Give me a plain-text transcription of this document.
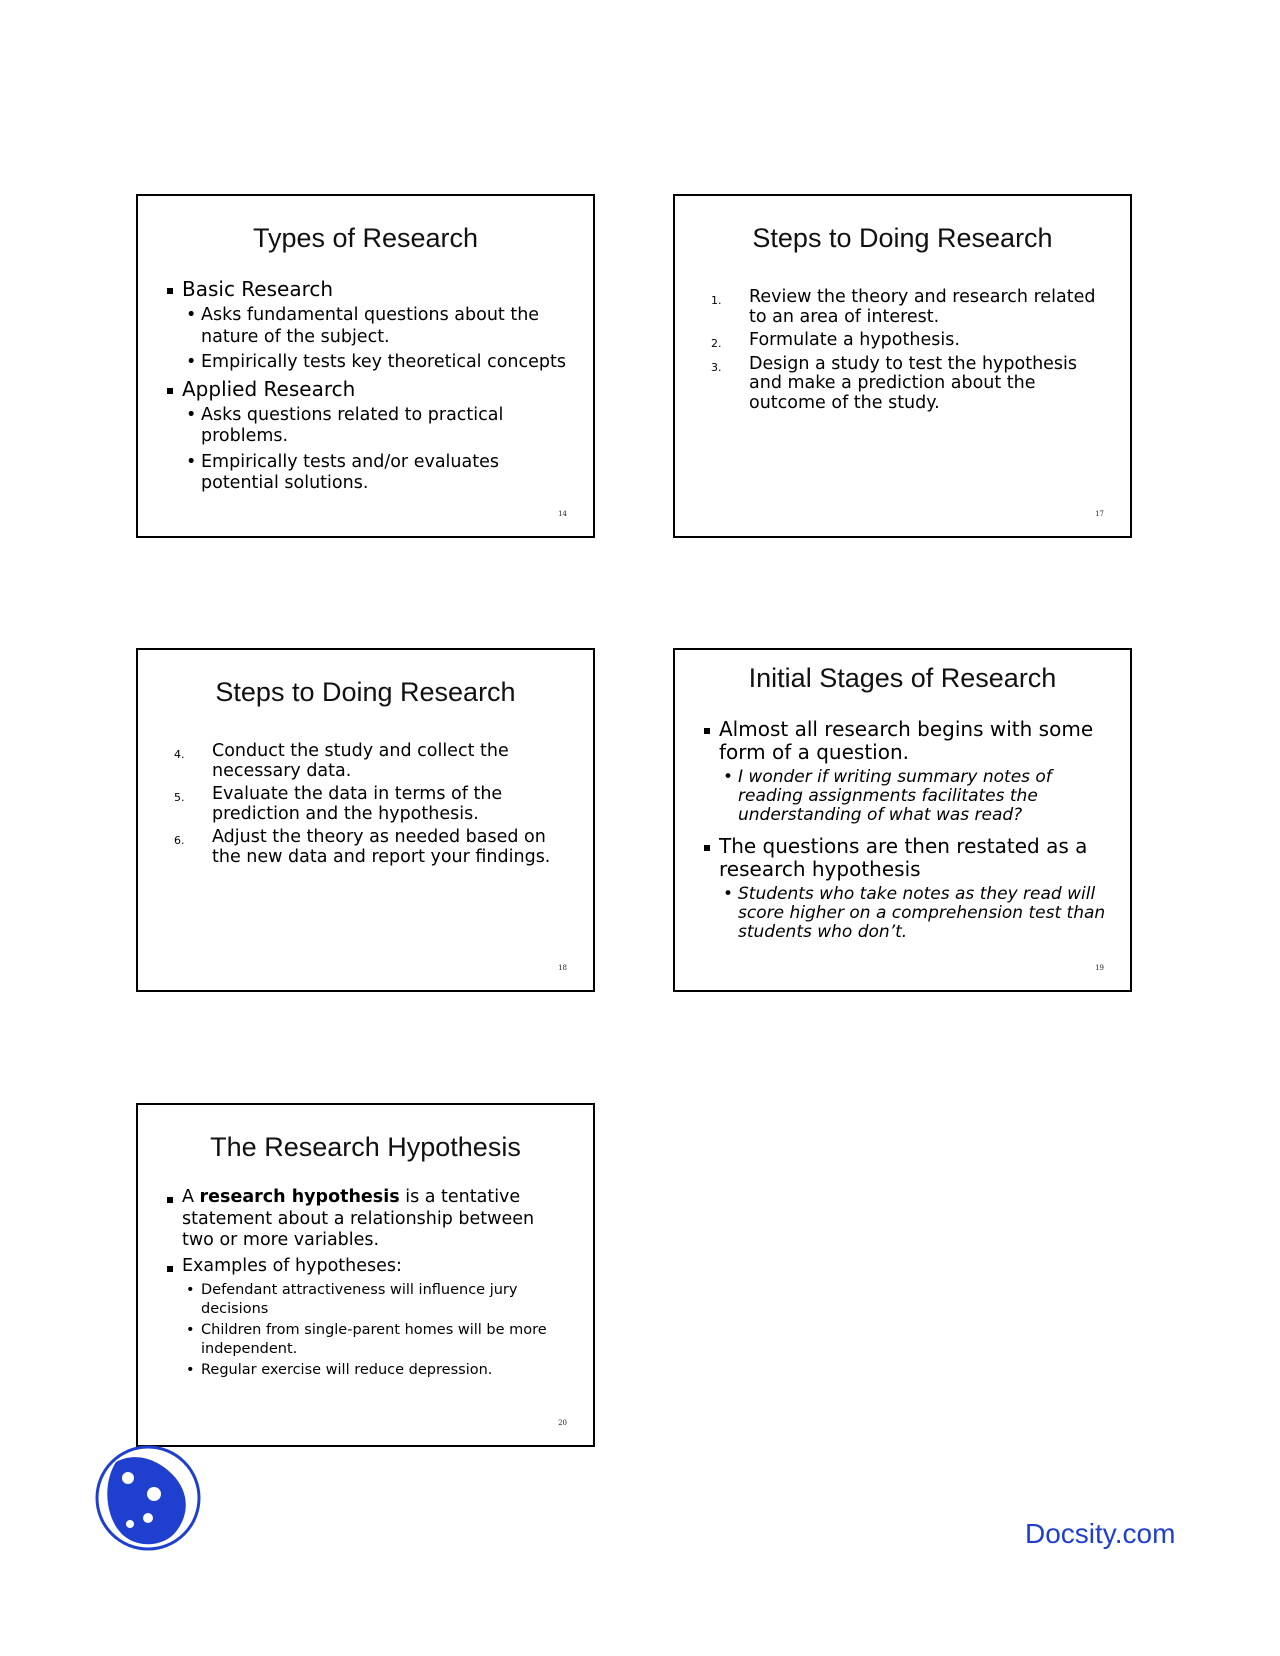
Types of Research
Basic Research
• Asks fundamental questions about the nature of the subject.
• Empirically tests key theoretical concepts
Applied Research
• Asks questions related to practical problems.
• Empirically tests and/or evaluates potential solutions.
14
Steps to Doing Research
1. Review the theory and research related to an area of interest.
2. Formulate a hypothesis.
3. Design a study to test the hypothesis and make a prediction about the outcome of the study.
17
Steps to Doing Research
4. Conduct the study and collect the necessary data.
5. Evaluate the data in terms of the prediction and the hypothesis.
6. Adjust the theory as needed based on the new data and report your findings.
18
Initial Stages of Research
Almost all research begins with some form of a question.
• I wonder if writing summary notes of reading assignments facilitates the understanding of what was read?
The questions are then restated as a research hypothesis
• Students who take notes as they read will score higher on a comprehension test than students who don’t.
19
The Research Hypothesis
A research hypothesis is a tentative statement about a relationship between two or more variables.
Examples of hypotheses:
• Defendant attractiveness will influence jury decisions
• Children from single-parent homes will be more independent.
• Regular exercise will reduce depression.
20
Docsity.com
